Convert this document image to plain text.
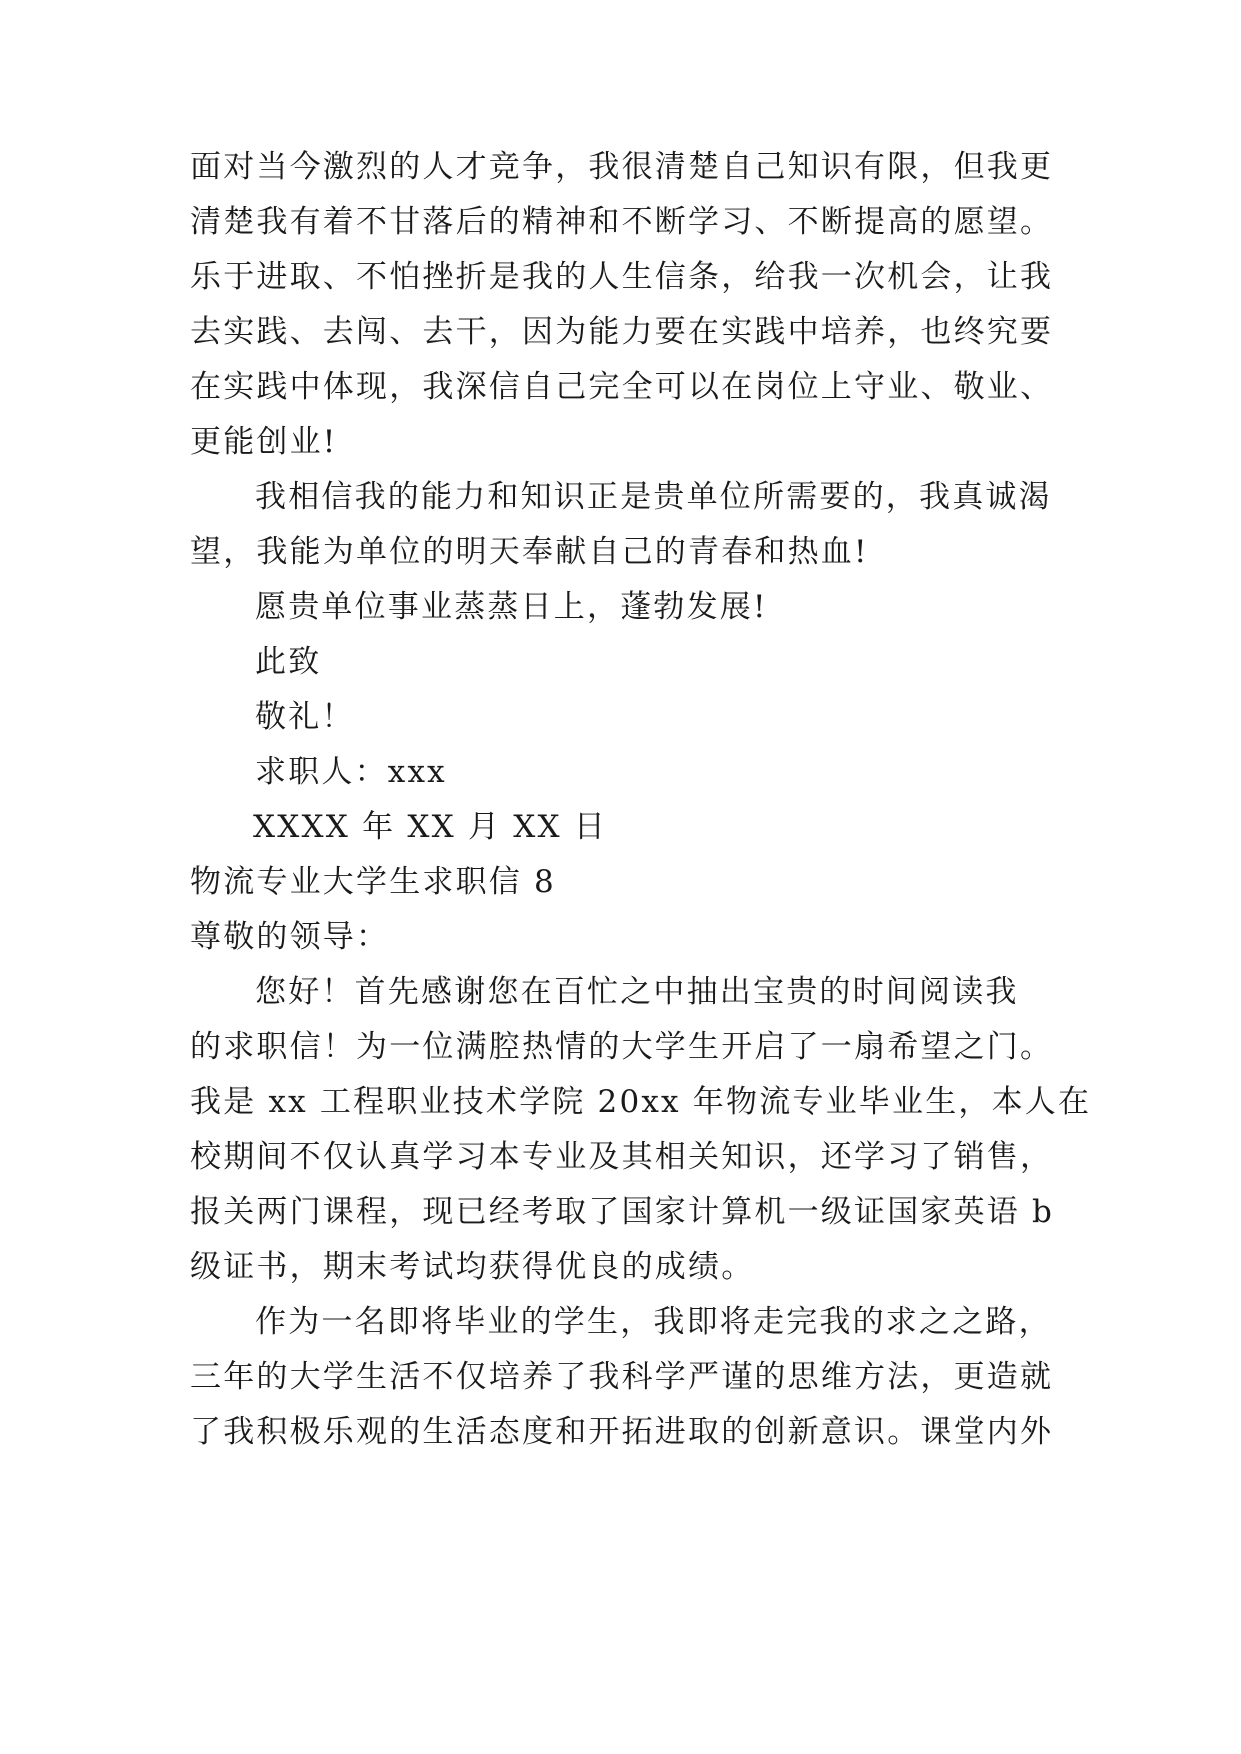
面对当今激烈的人才竞争，我很清楚自己知识有限，但我更
清楚我有着不甘落后的精神和不断学习、不断提高的愿望。
乐于进取、不怕挫折是我的人生信条，给我一次机会，让我
去实践、去闯、去干，因为能力要在实践中培养，也终究要
在实践中体现，我深信自己完全可以在岗位上守业、敬业、
更能创业!
我相信我的能力和知识正是贵单位所需要的，我真诚渴
望，我能为单位的明天奉献自己的青春和热血!
愿贵单位事业蒸蒸日上，蓬勃发展!
此致
敬礼！
求职人：xxx
XXXX 年 XX 月 XX 日
物流专业大学生求职信 8
尊敬的领导：
您好！首先感谢您在百忙之中抽出宝贵的时间阅读我
的求职信！为一位满腔热情的大学生开启了一扇希望之门。
我是 xx 工程职业技术学院 20xx 年物流专业毕业生，本人在
校期间不仅认真学习本专业及其相关知识，还学习了销售，
报关两门课程，现已经考取了国家计算机一级证国家英语 b
级证书，期末考试均获得优良的成绩。
作为一名即将毕业的学生，我即将走完我的求之之路，
三年的大学生活不仅培养了我科学严谨的思维方法，更造就
了我积极乐观的生活态度和开拓进取的创新意识。课堂内外
